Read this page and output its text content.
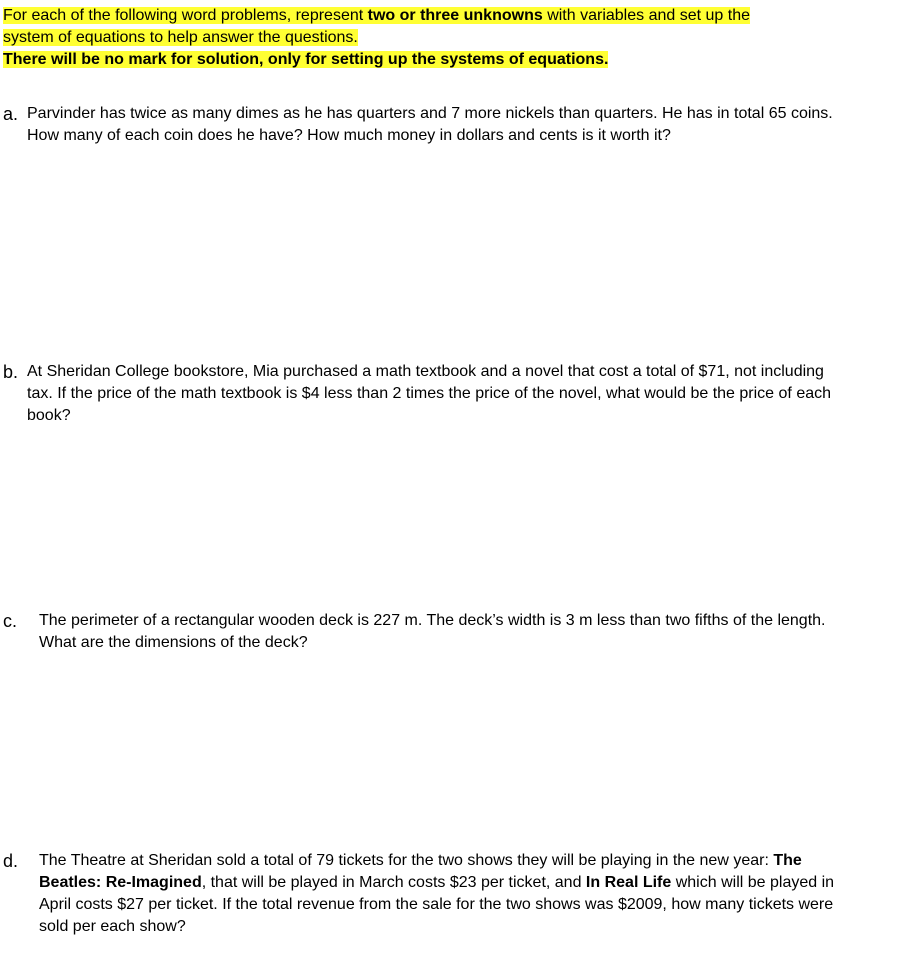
For each of the following word problems, represent two or three unknowns with variables and set up the
system of equations to help answer the questions.
There will be no mark for solution, only for setting up the systems of equations.
a. Parvinder has twice as many dimes as he has quarters and 7 more nickels than quarters. He has in total 65 coins. How many of each coin does he have? How much money in dollars and cents is it worth it?
b. At Sheridan College bookstore, Mia purchased a math textbook and a novel that cost a total of $71, not including tax. If the price of the math textbook is $4 less than 2 times the price of the novel, what would be the price of each book?
c. The perimeter of a rectangular wooden deck is 227 m. The deck’s width is 3 m less than two fifths of the length. What are the dimensions of the deck?
d. The Theatre at Sheridan sold a total of 79 tickets for the two shows they will be playing in the new year: The Beatles: Re-Imagined, that will be played in March costs $23 per ticket, and In Real Life which will be played in April costs $27 per ticket. If the total revenue from the sale for the two shows was $2009, how many tickets were sold per each show?
